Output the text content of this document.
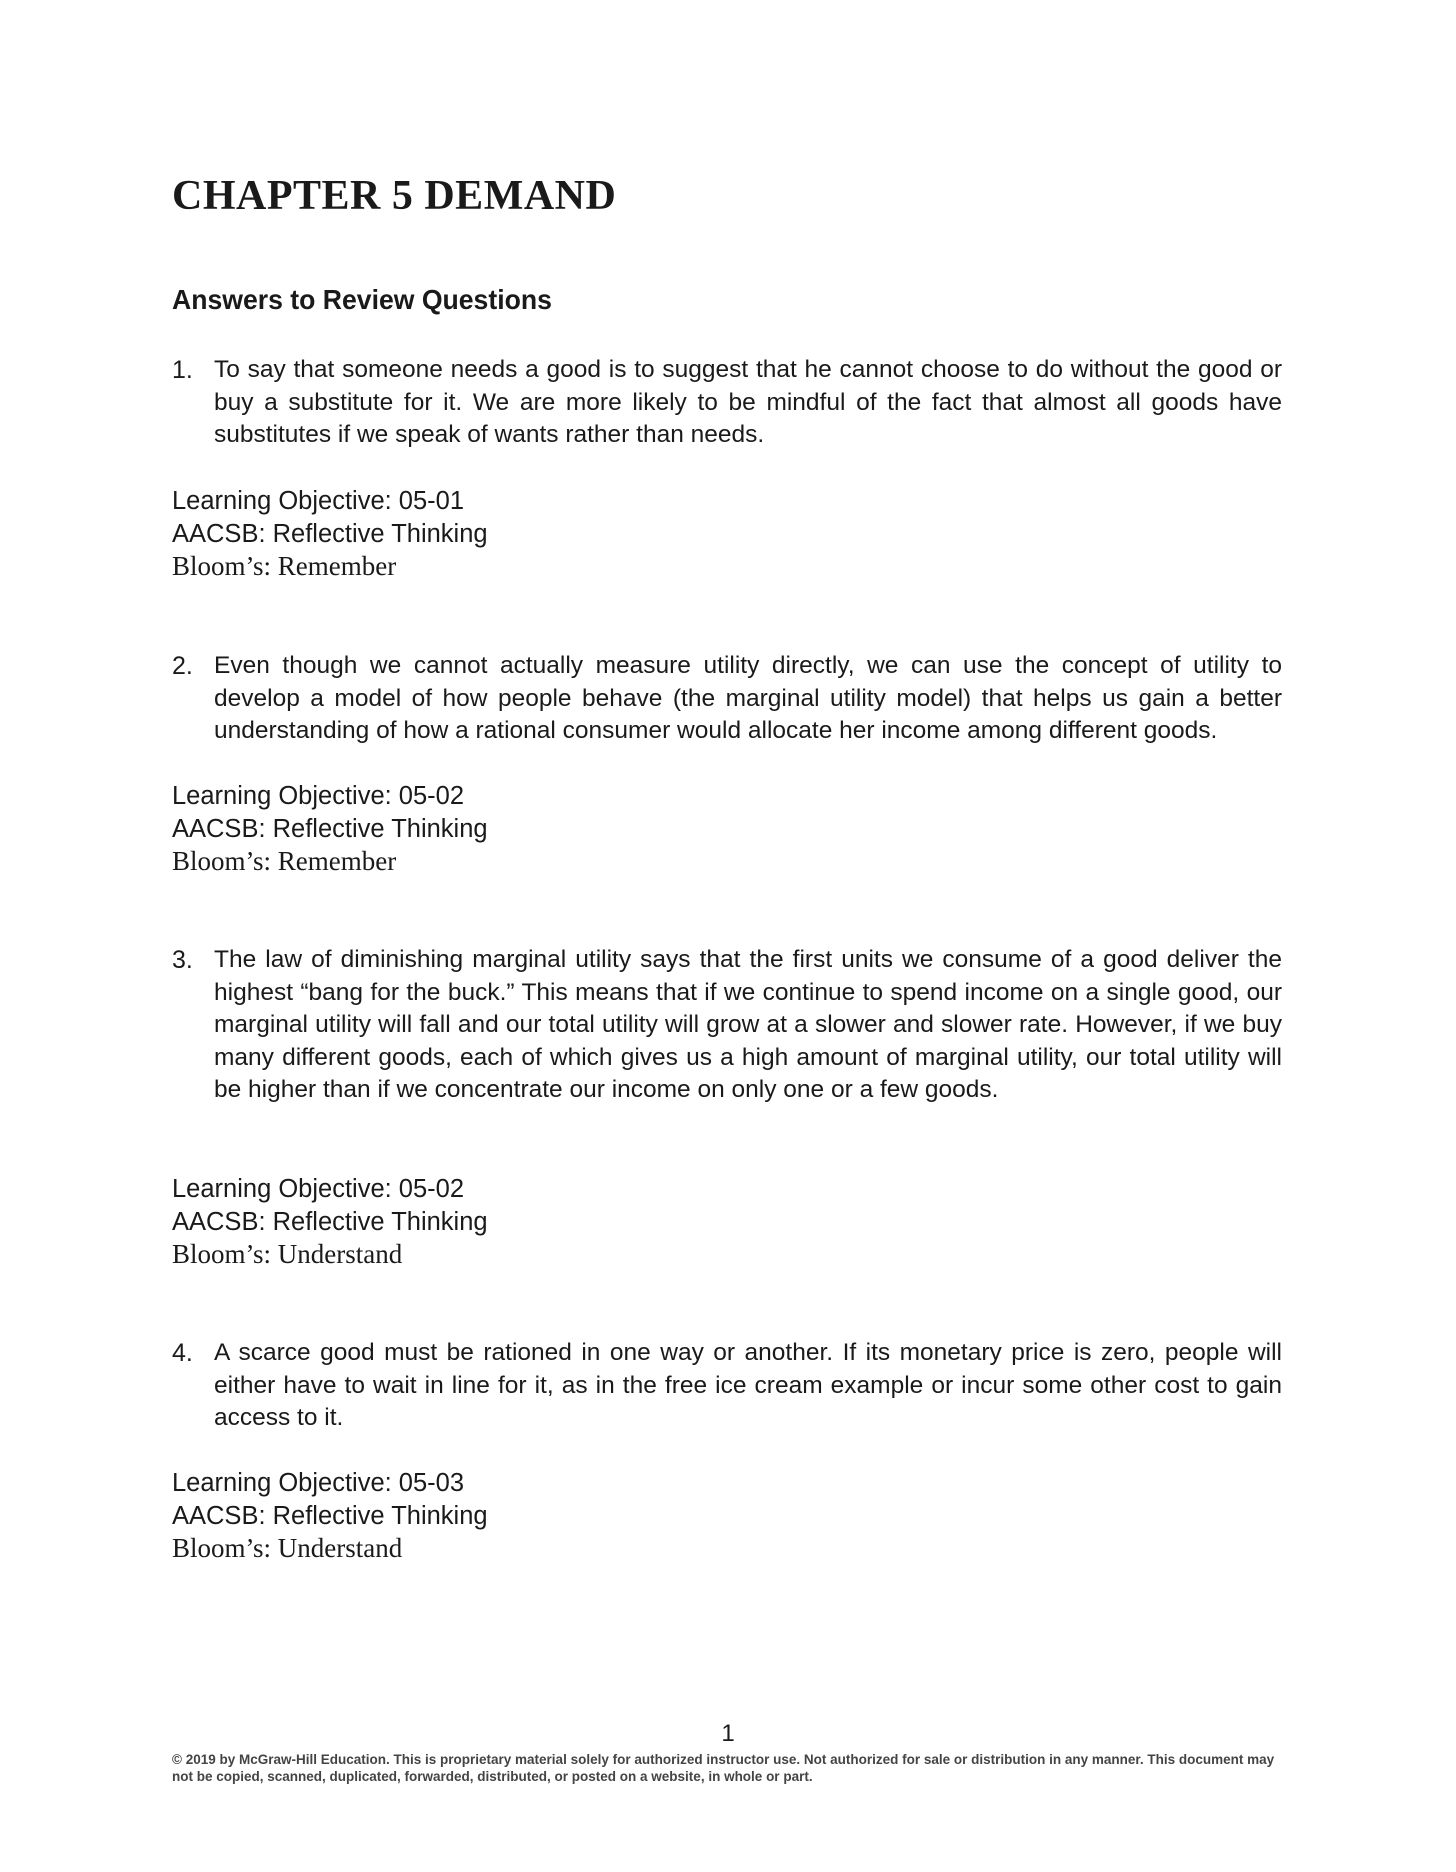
CHAPTER 5 DEMAND
Answers to Review Questions
1. To say that someone needs a good is to suggest that he cannot choose to do without the good or buy a substitute for it. We are more likely to be mindful of the fact that almost all goods have substitutes if we speak of wants rather than needs.

Learning Objective: 05-01
AACSB: Reflective Thinking
Bloom’s: Remember
2. Even though we cannot actually measure utility directly, we can use the concept of utility to develop a model of how people behave (the marginal utility model) that helps us gain a better understanding of how a rational consumer would allocate her income among different goods.

Learning Objective: 05-02
AACSB: Reflective Thinking
Bloom’s: Remember
3. The law of diminishing marginal utility says that the first units we consume of a good deliver the highest “bang for the buck.” This means that if we continue to spend income on a single good, our marginal utility will fall and our total utility will grow at a slower and slower rate. However, if we buy many different goods, each of which gives us a high amount of marginal utility, our total utility will be higher than if we concentrate our income on only one or a few goods.

Learning Objective: 05-02
AACSB: Reflective Thinking
Bloom’s: Understand
4. A scarce good must be rationed in one way or another. If its monetary price is zero, people will either have to wait in line for it, as in the free ice cream example or incur some other cost to gain access to it.

Learning Objective: 05-03
AACSB: Reflective Thinking
Bloom’s: Understand
1

© 2019 by McGraw-Hill Education. This is proprietary material solely for authorized instructor use. Not authorized for sale or distribution in any manner. This document may not be copied, scanned, duplicated, forwarded, distributed, or posted on a website, in whole or part.
